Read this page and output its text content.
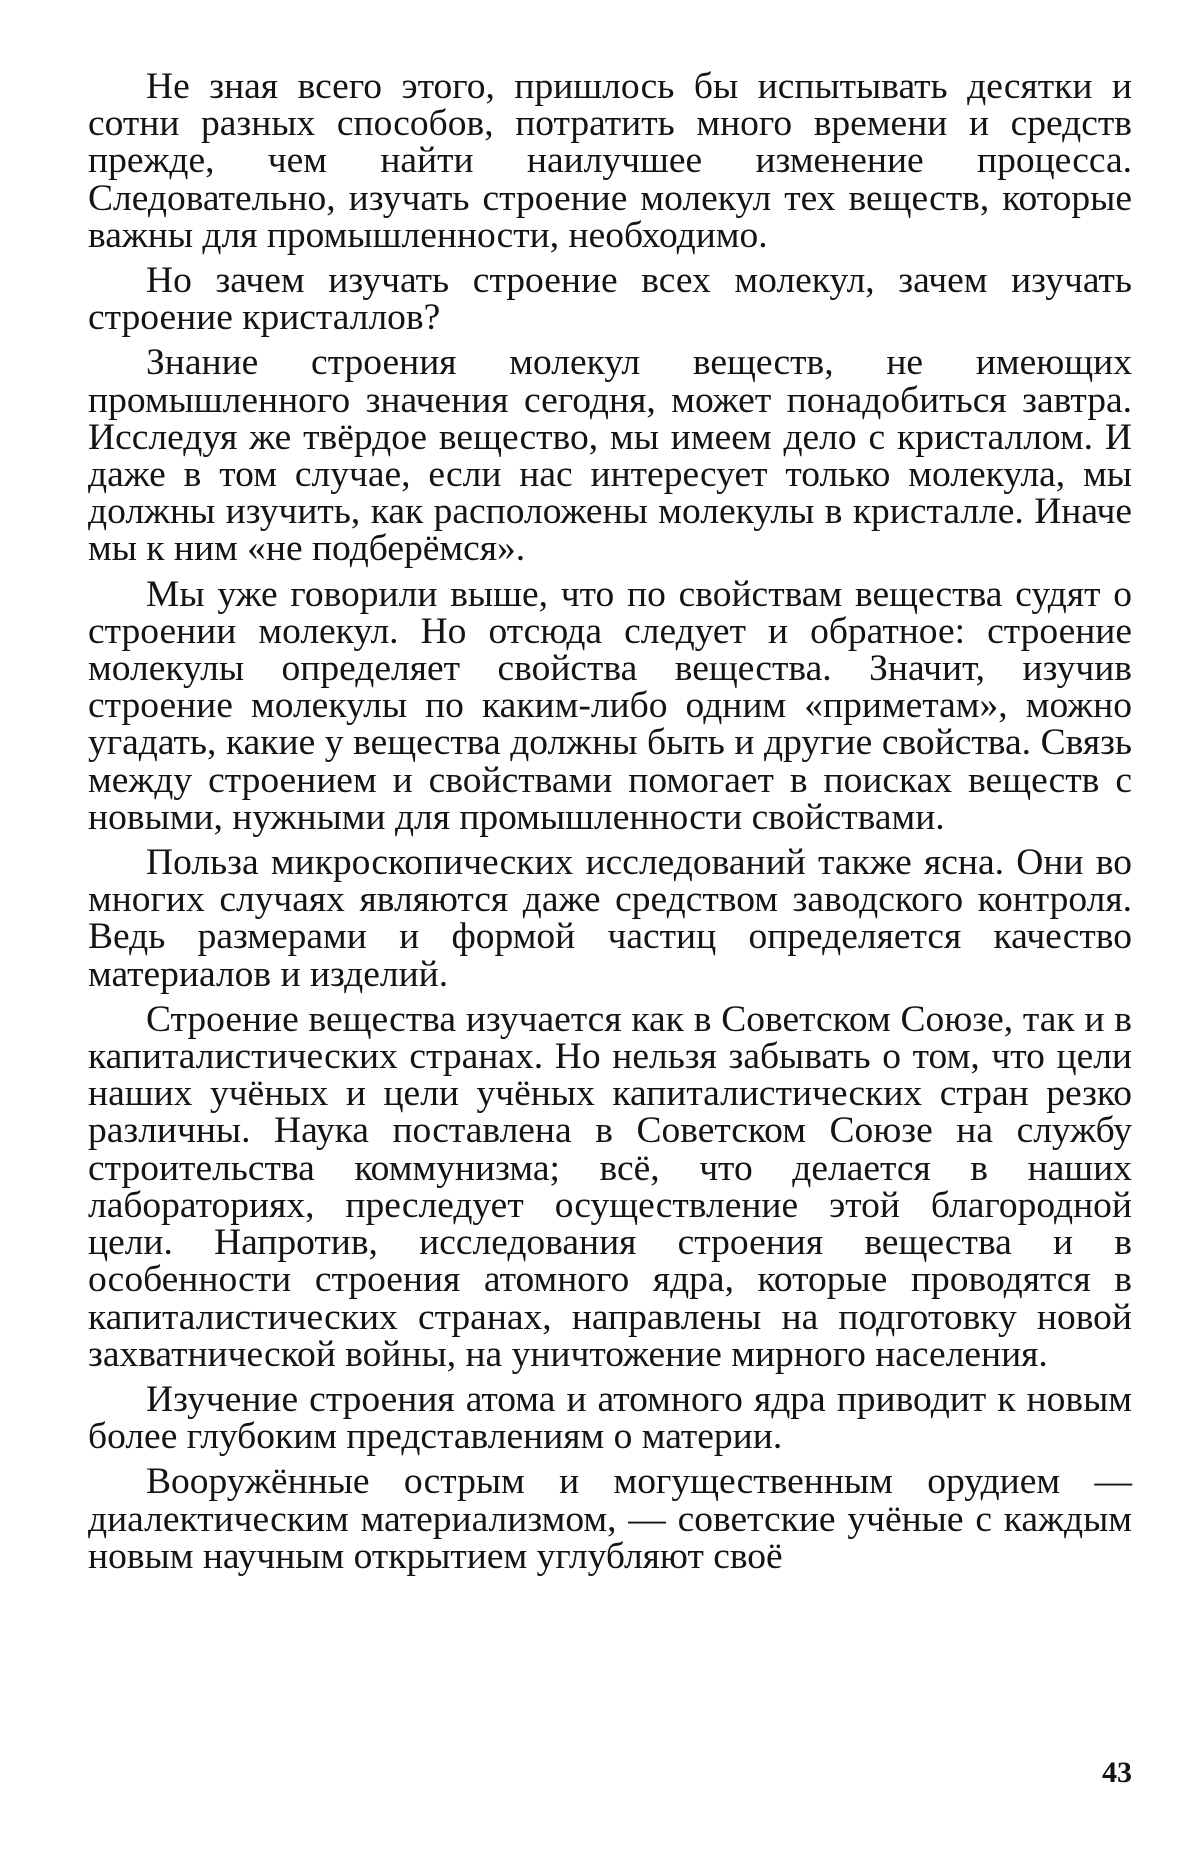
Не зная всего этого, пришлось бы испытывать десятки и сотни разных способов, потратить много времени и средств прежде, чем найти наилучшее изменение процесса. Следовательно, изучать строение молекул тех веществ, которые важны для промышленности, необходимо.

Но зачем изучать строение всех молекул, зачем изучать строение кристаллов?

Знание строения молекул веществ, не имеющих промышленного значения сегодня, может понадобиться завтра. Исследуя же твёрдое вещество, мы имеем дело с кристаллом. И даже в том случае, если нас интересует только молекула, мы должны изучить, как расположены молекулы в кристалле. Иначе мы к ним «не подберёмся».

Мы уже говорили выше, что по свойствам вещества судят о строении молекул. Но отсюда следует и обратное: строение молекулы определяет свойства вещества. Значит, изучив строение молекулы по каким-либо одним «приметам», можно угадать, какие у вещества должны быть и другие свойства. Связь между строением и свойствами помогает в поисках веществ с новыми, нужными для промышленности свойствами.

Польза микроскопических исследований также ясна. Они во многих случаях являются даже средством заводского контроля. Ведь размерами и формой частиц определяется качество материалов и изделий.

Строение вещества изучается как в Советском Союзе, так и в капиталистических странах. Но нельзя забывать о том, что цели наших учёных и цели учёных капиталистических стран резко различны. Наука поставлена в Советском Союзе на службу строительства коммунизма; всё, что делается в наших лабораториях, преследует осуществление этой благородной цели. Напротив, исследования строения вещества и в особенности строения атомного ядра, которые проводятся в капиталистических странах, направлены на подготовку новой захватнической войны, на уничтожение мирного населения.

Изучение строения атома и атомного ядра приводит к новым более глубоким представлениям о материи.

Вооружённые острым и могущественным орудием — диалектическим материализмом, — советские учёные с каждым новым научным открытием углубляют своё

43
